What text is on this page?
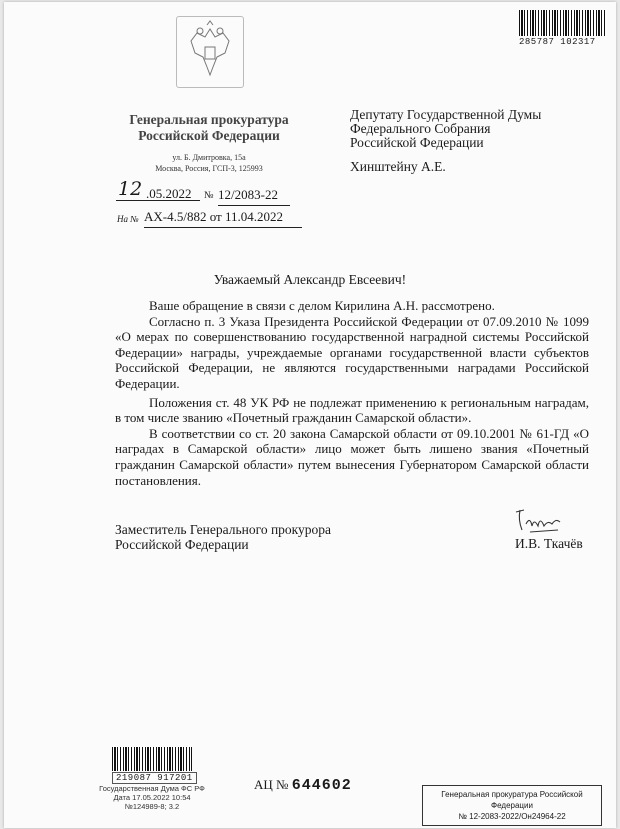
285787 102317
Генеральная прокуратура
Российской Федерации
ул. Б. Дмитровка, 15а
Москва, Россия, ГСП-3, 125993
12 .05.2022 № 12/2083-22
На № АХ-4.5/882 от 11.04.2022
Депутату Государственной Думы
Федерального Собрания
Российской Федерации
Хинштейну А.Е.
Уважаемый Александр Евсеевич!

Ваше обращение в связи с делом Кирилина А.Н. рассмотрено.

Согласно п. 3 Указа Президента Российской Федерации от 07.09.2010 № 1099 «О мерах по совершенствованию государственной наградной системы Российской Федерации» награды, учреждаемые органами государственной власти субъектов Российской Федерации, не являются государственными наградами Российской Федерации.

Положения ст. 48 УК РФ не подлежат применению к региональным наградам, в том числе званию «Почетный гражданин Самарской области».

В соответствии со ст. 20 закона Самарской области от 09.10.2001 № 61-ГД «О наградах в Самарской области» лицо может быть лишено звания «Почетный гражданин Самарской области» путем вынесения Губернатором Самарской области постановления.

Заместитель Генерального прокурора
Российской Федерации	И.В. Ткачёв
219087 917201
Государственная Дума ФС РФ
Дата 17.05.2022 10:54
№124989-8; 3.2
АЦ № 644602
Генеральная прокуратура Российской Федерации
№ 12-2083-2022/Он24964-22
